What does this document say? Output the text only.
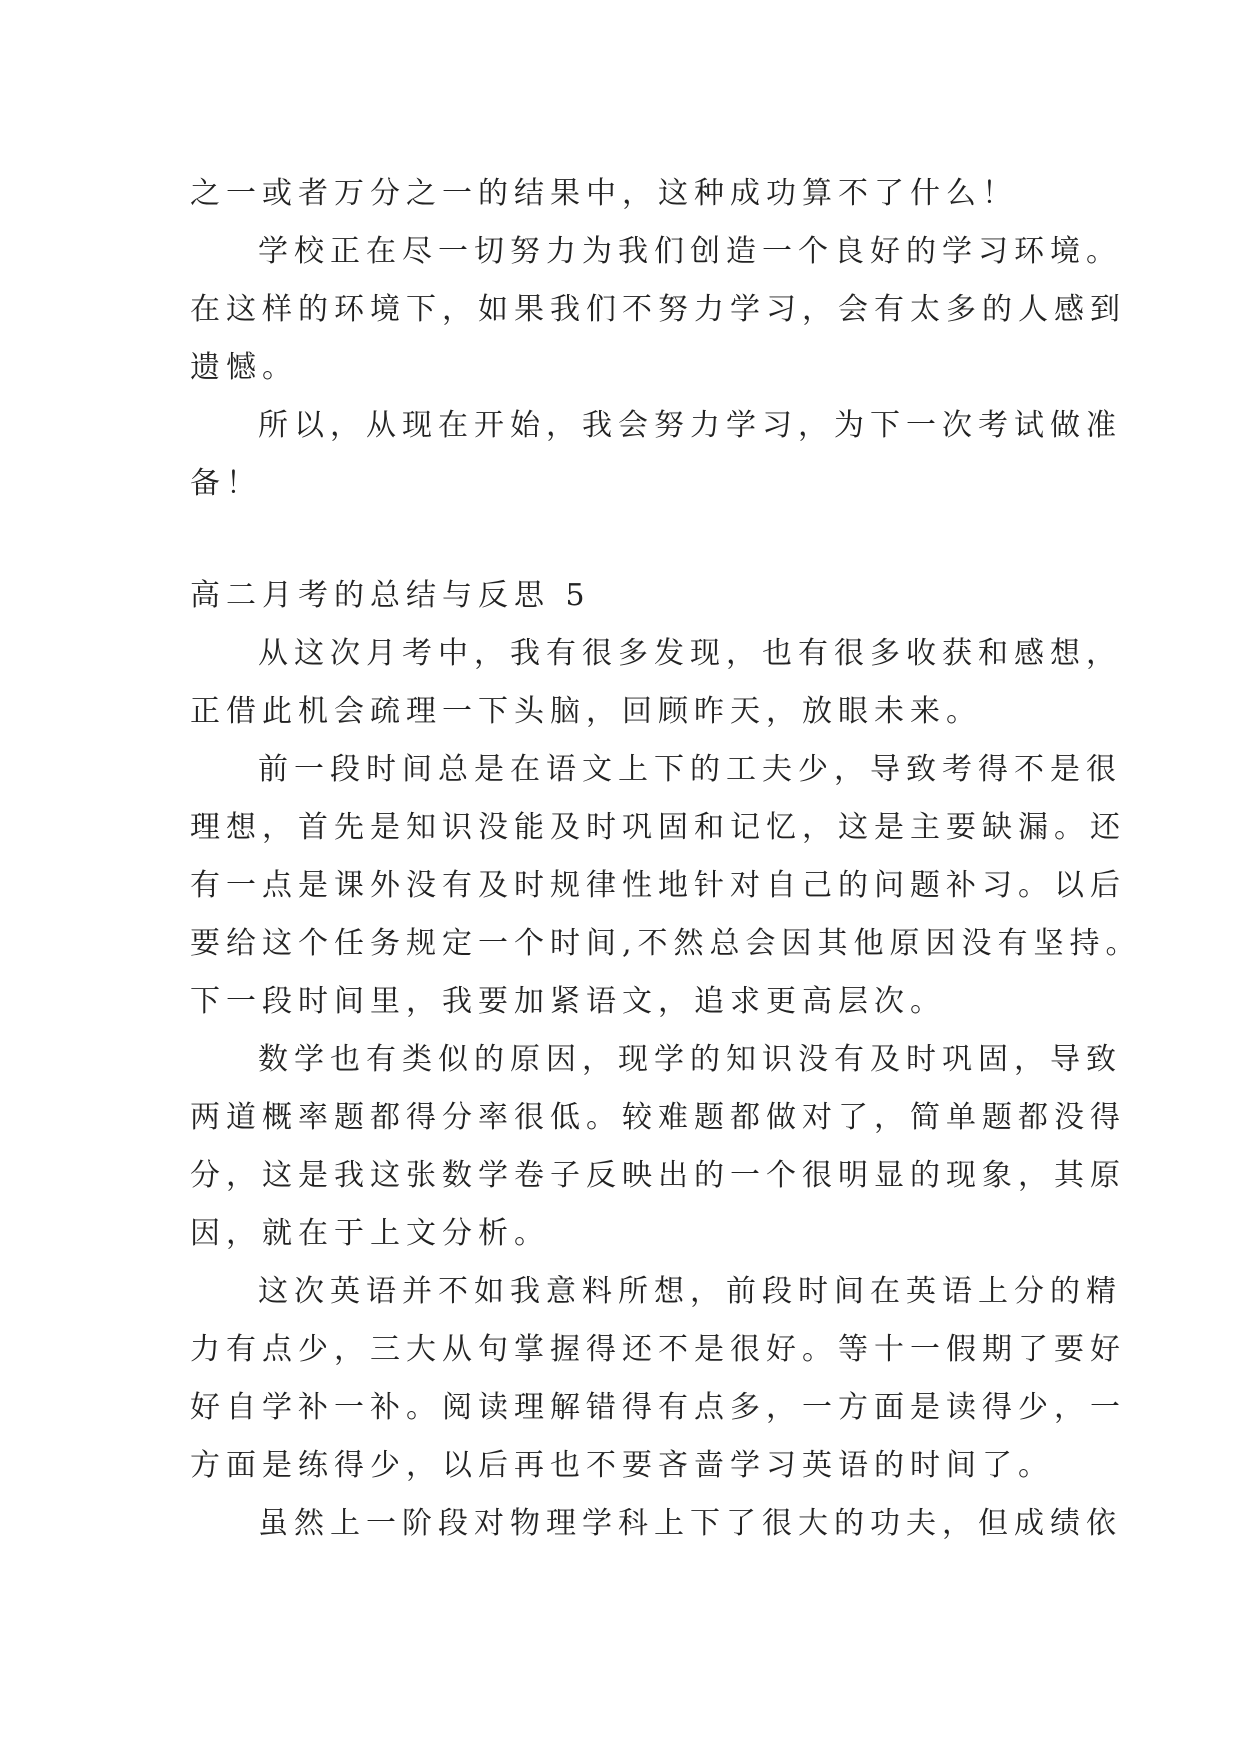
之一或者万分之一的结果中，这种成功算不了什么！

学校正在尽一切努力为我们创造一个良好的学习环境。
在这样的环境下，如果我们不努力学习，会有太多的人感到
遗憾。

所以，从现在开始，我会努力学习，为下一次考试做准
备！

高二月考的总结与反思 5

从这次月考中，我有很多发现，也有很多收获和感想，
正借此机会疏理一下头脑，回顾昨天，放眼未来。

前一段时间总是在语文上下的工夫少，导致考得不是很
理想，首先是知识没能及时巩固和记忆，这是主要缺漏。还
有一点是课外没有及时规律性地针对自己的问题补习。以后
要给这个任务规定一个时间,不然总会因其他原因没有坚持。
下一段时间里，我要加紧语文，追求更高层次。

数学也有类似的原因，现学的知识没有及时巩固，导致
两道概率题都得分率很低。较难题都做对了，简单题都没得
分，这是我这张数学卷子反映出的一个很明显的现象，其原
因，就在于上文分析。

这次英语并不如我意料所想，前段时间在英语上分的精
力有点少，三大从句掌握得还不是很好。等十一假期了要好
好自学补一补。阅读理解错得有点多，一方面是读得少，一
方面是练得少，以后再也不要吝啬学习英语的时间了。

虽然上一阶段对物理学科上下了很大的功夫，但成绩依
